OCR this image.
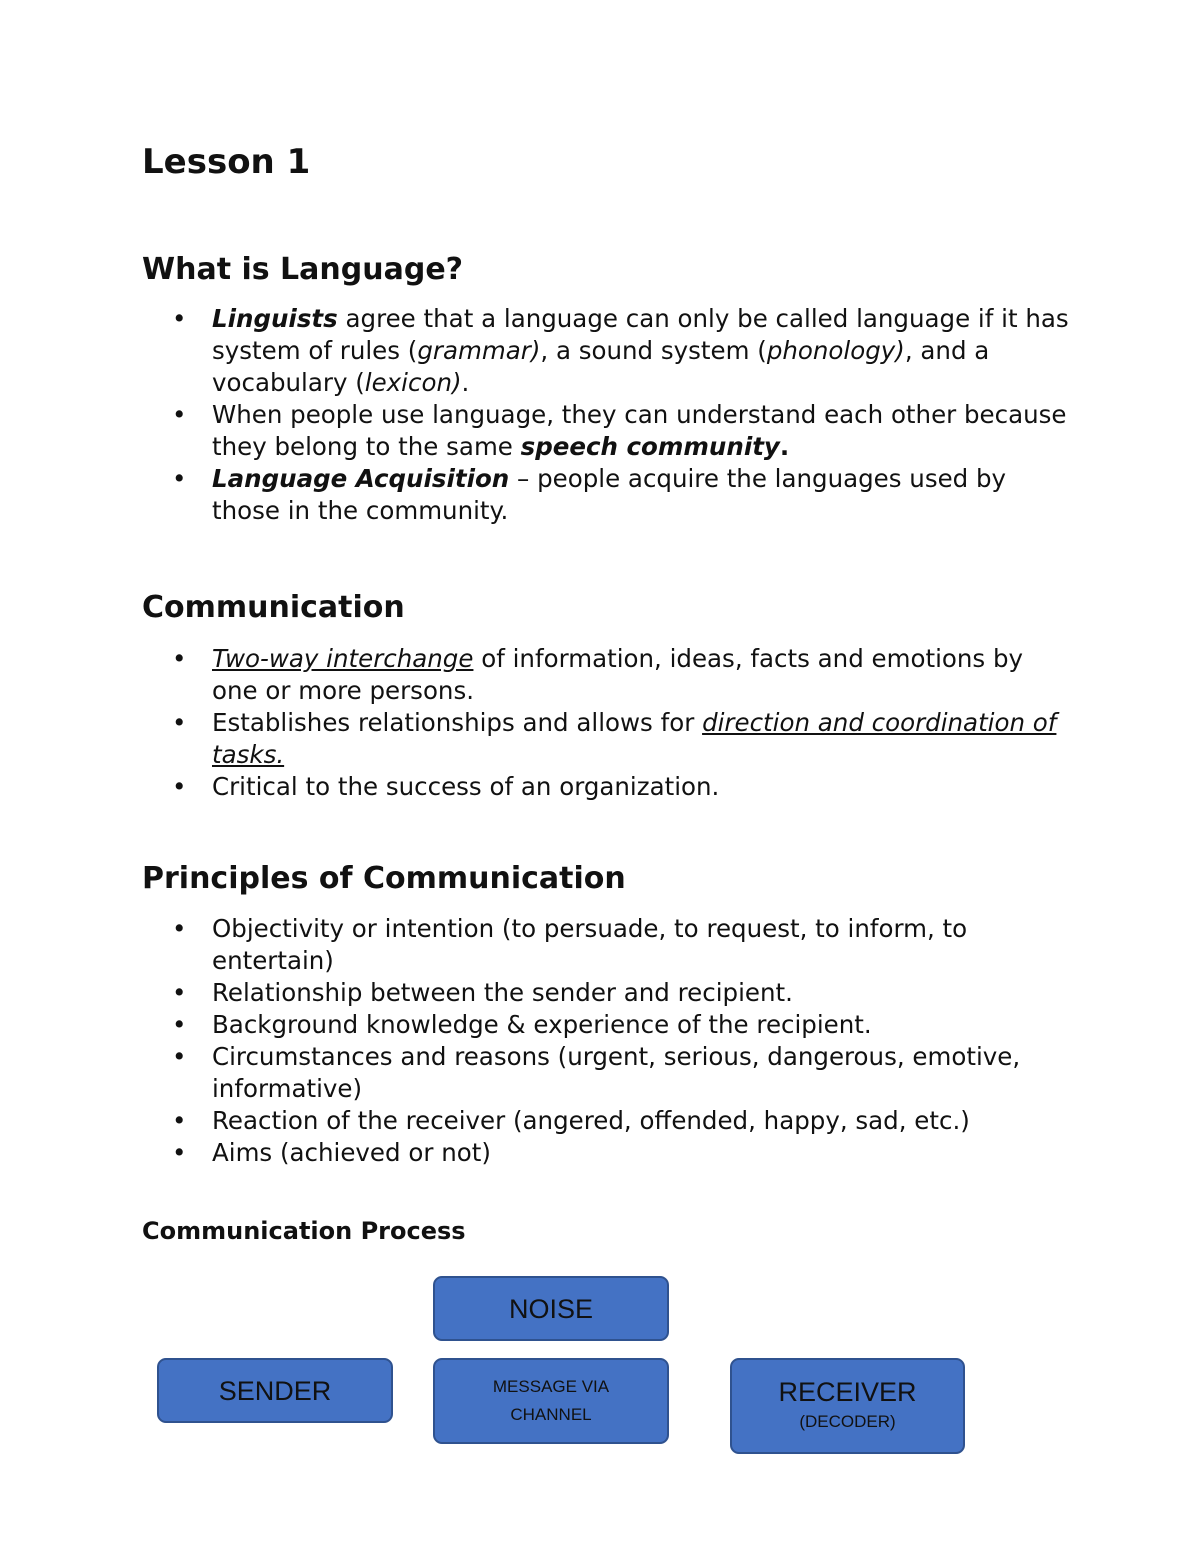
Lesson 1
What is Language?
• Linguists agree that a language can only be called language if it has system of rules (grammar), a sound system (phonology), and a vocabulary (lexicon).
• When people use language, they can understand each other because they belong to the same speech community.
• Language Acquisition – people acquire the languages used by those in the community.
Communication
• Two-way interchange of information, ideas, facts and emotions by one or more persons.
• Establishes relationships and allows for direction and coordination of tasks.
• Critical to the success of an organization.
Principles of Communication
• Objectivity or intention (to persuade, to request, to inform, to entertain)
• Relationship between the sender and recipient.
• Background knowledge & experience of the recipient.
• Circumstances and reasons (urgent, serious, dangerous, emotive, informative)
• Reaction of the receiver (angered, offended, happy, sad, etc.)
• Aims (achieved or not)
Communication Process
NOISE
SENDER	MESSAGE VIA
CHANNEL
RECEIVER
(DECODER)
